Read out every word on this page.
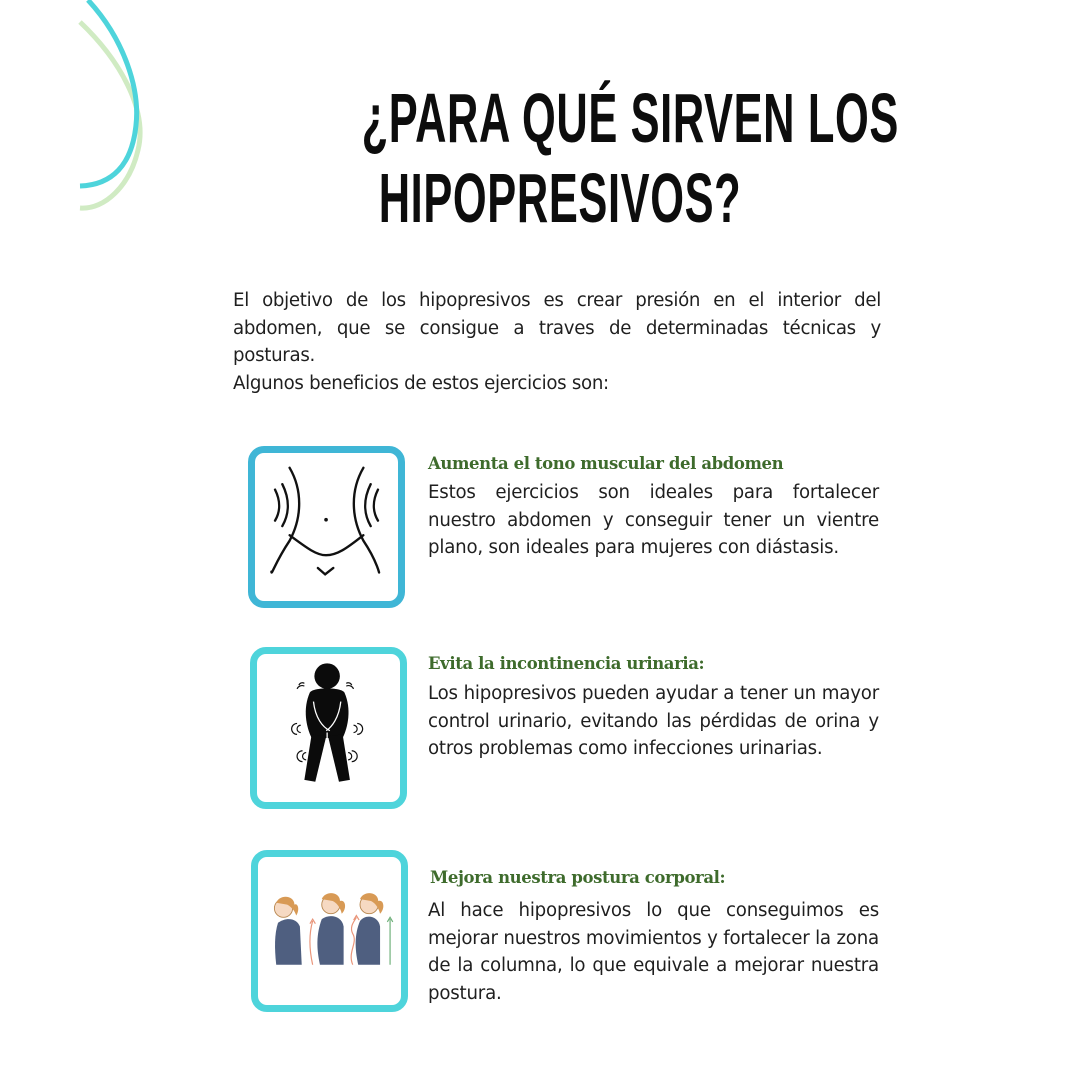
¿PARA QUÉ SIRVEN LOS
HIPOPRESIVOS?

El objetivo de los hipopresivos es crear presión en el interior del abdomen, que se consigue a traves de determinadas técnicas y posturas.

Algunos beneficios de estos ejercicios son:

Aumenta el tono muscular del abdomen
Estos ejercicios son ideales para fortalecer nuestro abdomen y conseguir tener un vientre plano, son ideales para mujeres con diástasis.
Evita la incontinencia urinaria:
Los hipopresivos pueden ayudar a tener un mayor control urinario, evitando las pérdidas de orina y otros problemas como infecciones urinarias.
Mejora nuestra postura corporal:
Al hace hipopresivos lo que conseguimos es mejorar nuestros movimientos y fortalecer la zona de la columna, lo que equivale a mejorar nuestra postura.
